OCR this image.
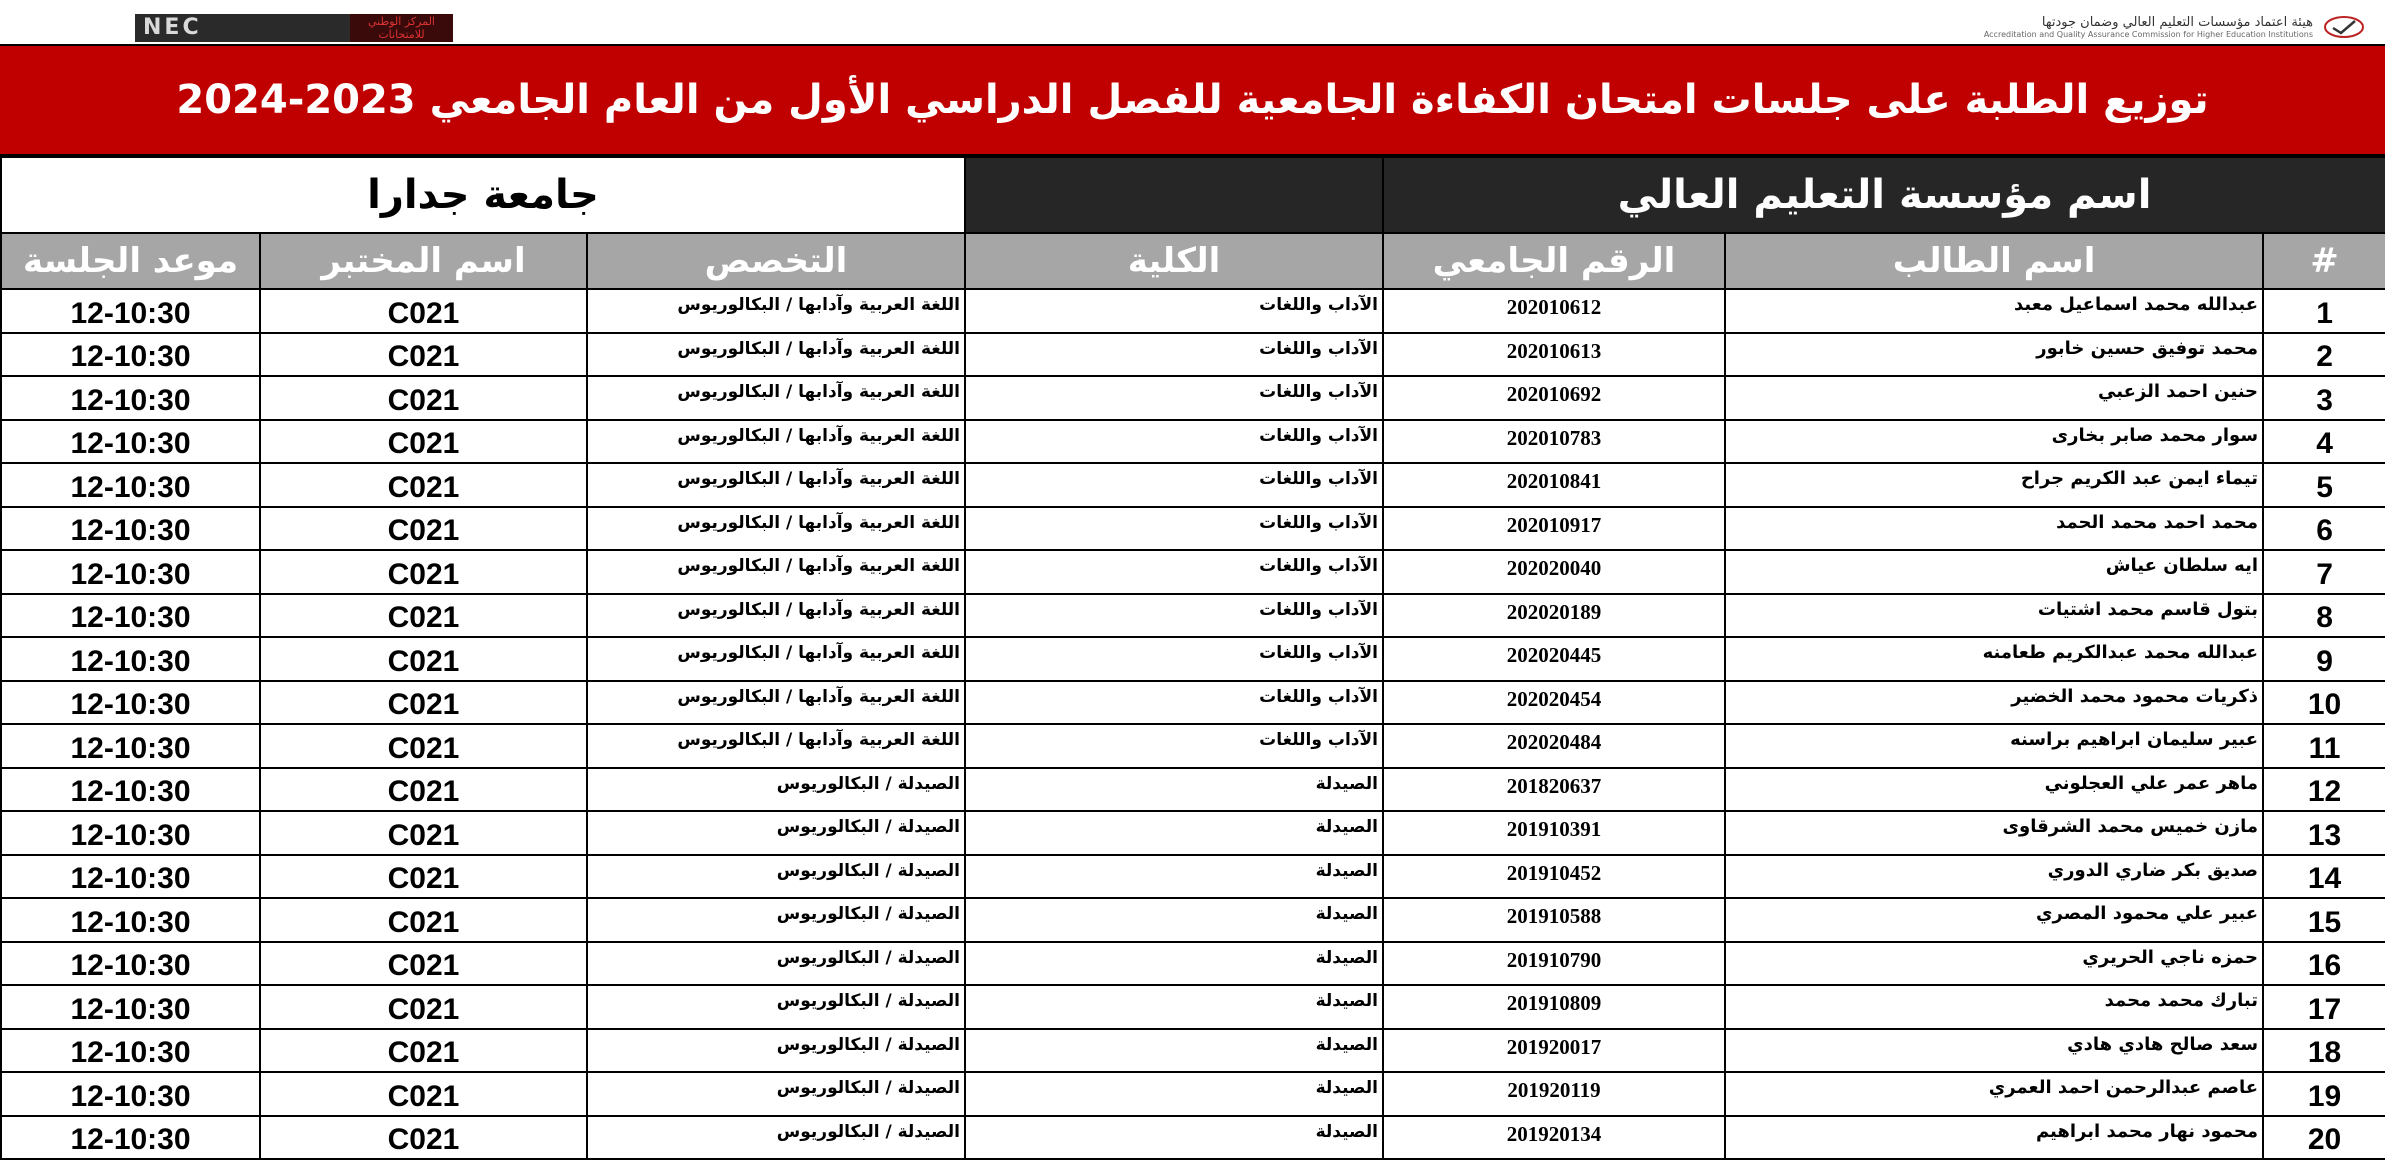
NEC	المركز الوطني للامتحانات
هيئة اعتماد مؤسسات التعليم العالي وضمان جودتها
Accreditation and Quality Assurance Commission for Higher Education Institutions
توزيع الطلبة على جلسات امتحان الكفاءة الجامعية للفصل الدراسي الأول من العام الجامعي 2023-2024
اسم مؤسسة التعليم العالي				جامعة جدارا		
#	اسم الطالب	الرقم الجامعي	الكلية	التخصص	اسم المختبر	موعد الجلسة
1	عبدالله محمد اسماعيل معبد	202010612	الآداب واللغات	اللغة العربية وآدابها / البكالوريوس	C021	12-10:30
2	محمد توفيق حسين خابور	202010613	الآداب واللغات	اللغة العربية وآدابها / البكالوريوس	C021	12-10:30
3	حنين احمد الزعبي	202010692	الآداب واللغات	اللغة العربية وآدابها / البكالوريوس	C021	12-10:30
4	سوار محمد صابر بخارى	202010783	الآداب واللغات	اللغة العربية وآدابها / البكالوريوس	C021	12-10:30
5	تيماء ايمن عبد الكريم جراح	202010841	الآداب واللغات	اللغة العربية وآدابها / البكالوريوس	C021	12-10:30
6	محمد احمد محمد الحمد	202010917	الآداب واللغات	اللغة العربية وآدابها / البكالوريوس	C021	12-10:30
7	ايه سلطان عياش	202020040	الآداب واللغات	اللغة العربية وآدابها / البكالوريوس	C021	12-10:30
8	بتول قاسم محمد اشتيات	202020189	الآداب واللغات	اللغة العربية وآدابها / البكالوريوس	C021	12-10:30
9	عبدالله محمد عبدالكريم طعامنه	202020445	الآداب واللغات	اللغة العربية وآدابها / البكالوريوس	C021	12-10:30
10	ذكريات محمود محمد الخضير	202020454	الآداب واللغات	اللغة العربية وآدابها / البكالوريوس	C021	12-10:30
11	عبير سليمان ابراهيم براسنه	202020484	الآداب واللغات	اللغة العربية وآدابها / البكالوريوس	C021	12-10:30
12	ماهر عمر علي العجلوني	201820637	الصيدلة	الصيدلة / البكالوريوس	C021	12-10:30
13	مازن خميس محمد الشرقاوى	201910391	الصيدلة	الصيدلة / البكالوريوس	C021	12-10:30
14	صديق بكر ضاري الدوري	201910452	الصيدلة	الصيدلة / البكالوريوس	C021	12-10:30
15	عبير علي محمود المصري	201910588	الصيدلة	الصيدلة / البكالوريوس	C021	12-10:30
16	حمزه ناجي الحريري	201910790	الصيدلة	الصيدلة / البكالوريوس	C021	12-10:30
17	تبارك محمد محمد	201910809	الصيدلة	الصيدلة / البكالوريوس	C021	12-10:30
18	سعد صالح هادي هادي	201920017	الصيدلة	الصيدلة / البكالوريوس	C021	12-10:30
19	عاصم عبدالرحمن احمد العمري	201920119	الصيدلة	الصيدلة / البكالوريوس	C021	12-10:30
20	محمود نهار محمد ابراهيم	201920134	الصيدلة	الصيدلة / البكالوريوس	C021	12-10:30
